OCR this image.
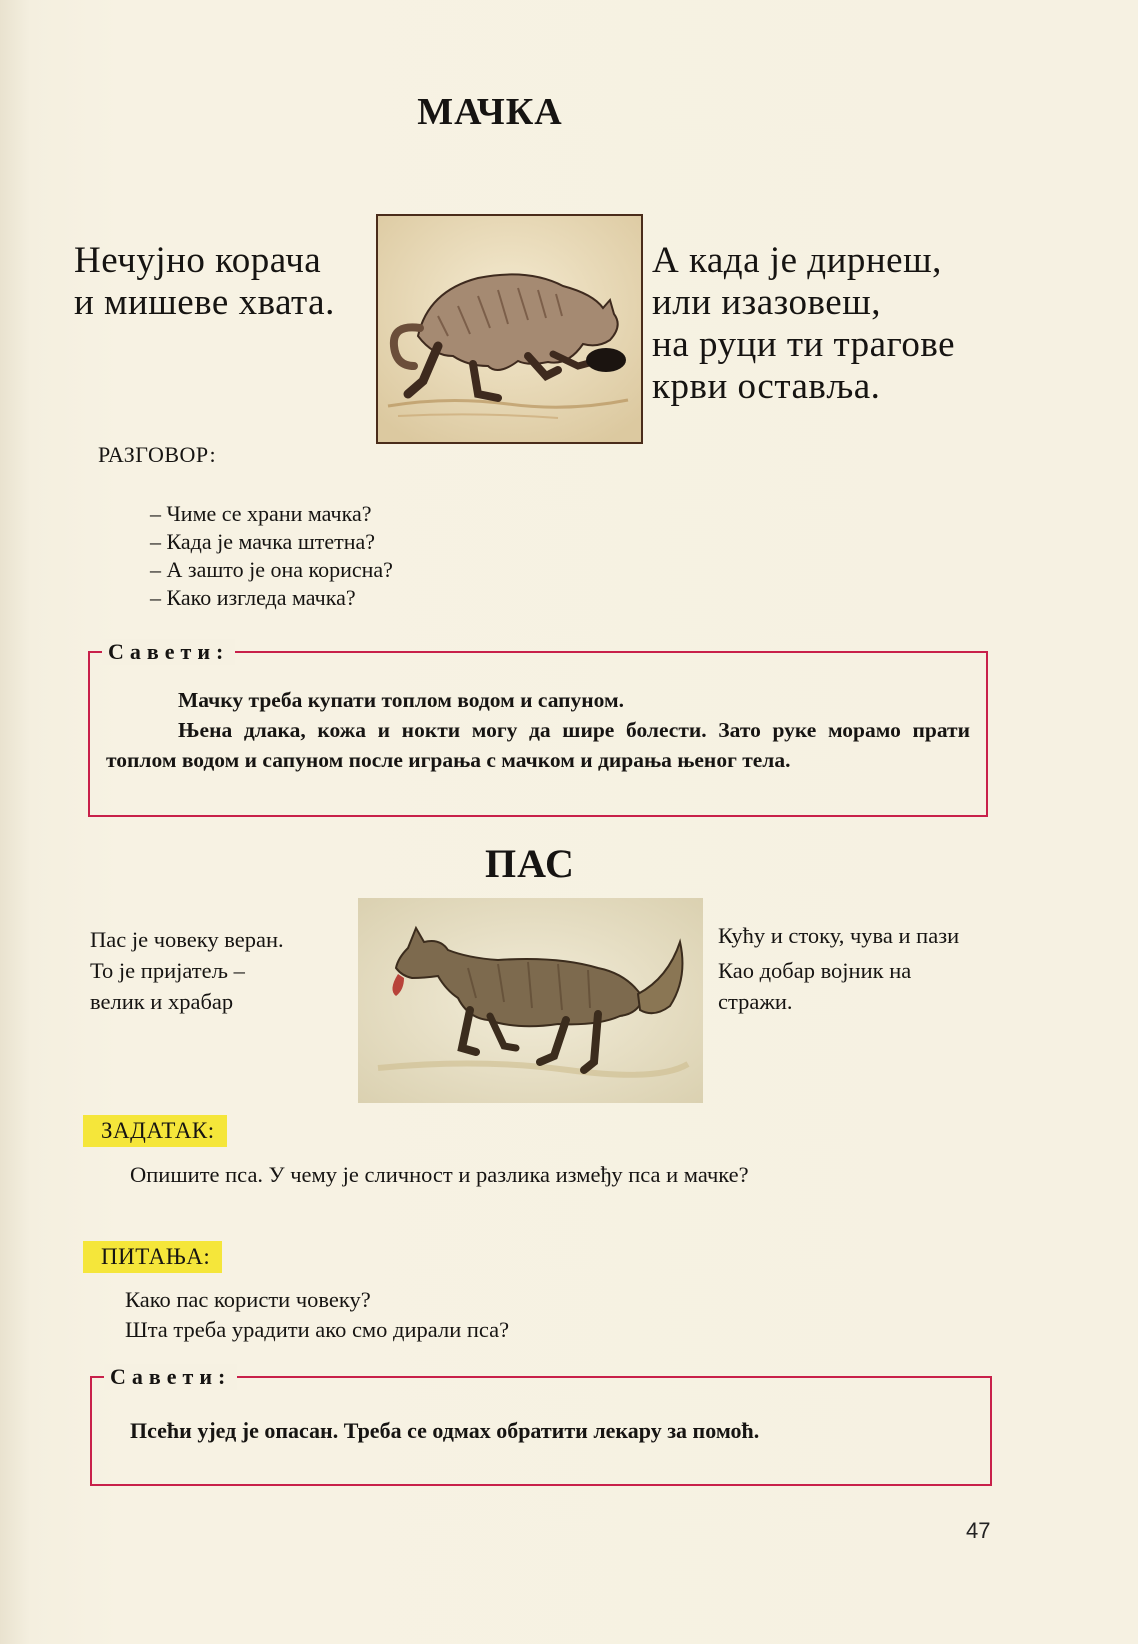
МАЧКА
Нечујно корача
и мишеве хвата.
А када је дирнеш,
или изазовеш,
на руци ти трагове
крви оставља.
РАЗГОВОР:
– Чиме се храни мачка?
– Када је мачка штетна?
– А зашто је она корисна?
– Како изгледа мачка?
Савети:

Мачку треба купати топлом водом и сапуном.

Њена длака, кожа и нокти могу да шире болести. Зато руке морамо прати топлом водом и сапуном после играња с мачком и дирања њеног тела.

ПАС
Пас је човеку веран.
То је пријатељ –
велик и храбар
Кућу и стоку, чува и пази
Као добар војник на стражи.
ЗАДАТАК:
Опишите пса. У чему је сличност и разлика између пса и мачке?
ПИТАЊА:
Како пас користи човеку?
Шта треба урадити ако смо дирали пса?
Савети:
Псећи ујед је опасан. Треба се одмах обратити лекару за помоћ.
47
